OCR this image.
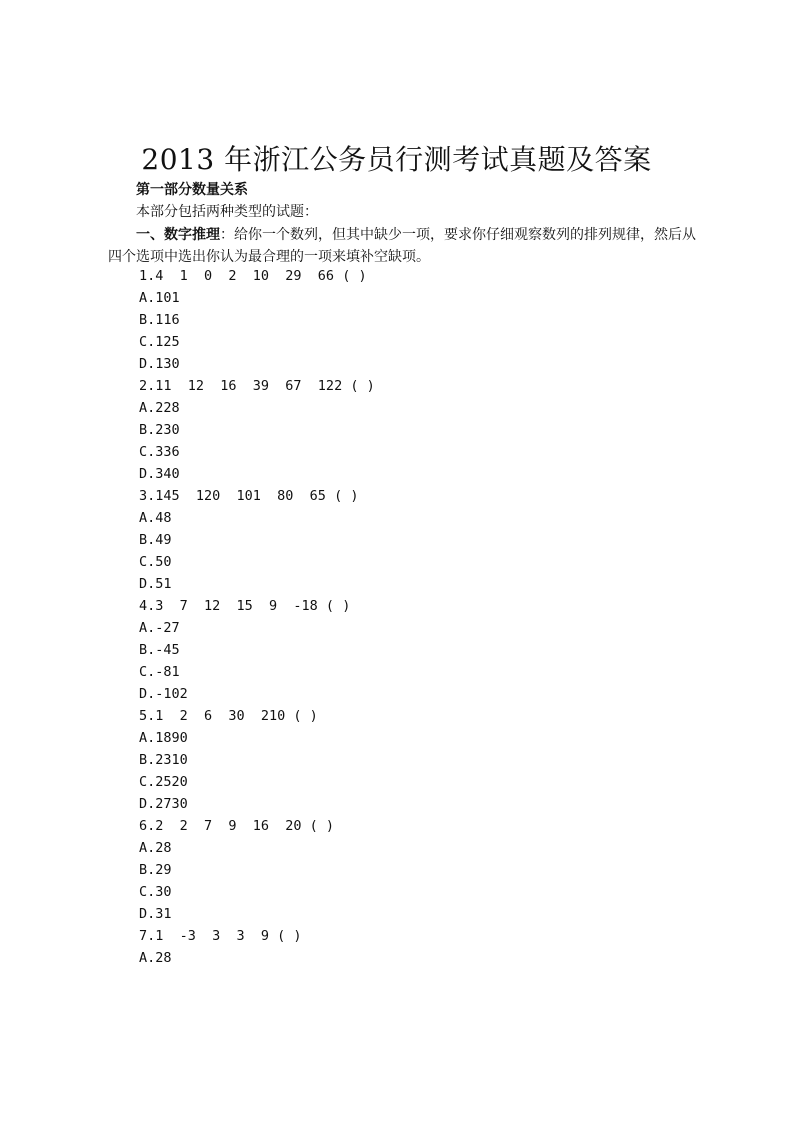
2013 年浙江公务员行测考试真题及答案
第一部分数量关系
本部分包括两种类型的试题：
一、数字推理：给你一个数列，但其中缺少一项，要求你仔细观察数列的排列规律，然后从四个选项中选出你认为最合理的一项来填补空缺项。
1.4  1  0  2  10  29  66 ( )
A.101
B.116
C.125
D.130
2.11  12  16  39  67  122 ( )
A.228
B.230
C.336
D.340
3.145  120  101  80  65 ( )
A.48
B.49
C.50
D.51
4.3  7  12  15  9  -18 ( )
A.-27
B.-45
C.-81
D.-102
5.1  2  6  30  210 ( )
A.1890
B.2310
C.2520
D.2730
6.2  2  7  9  16  20 ( )
A.28
B.29
C.30
D.31
7.1  -3  3  3  9 ( )
A.28
